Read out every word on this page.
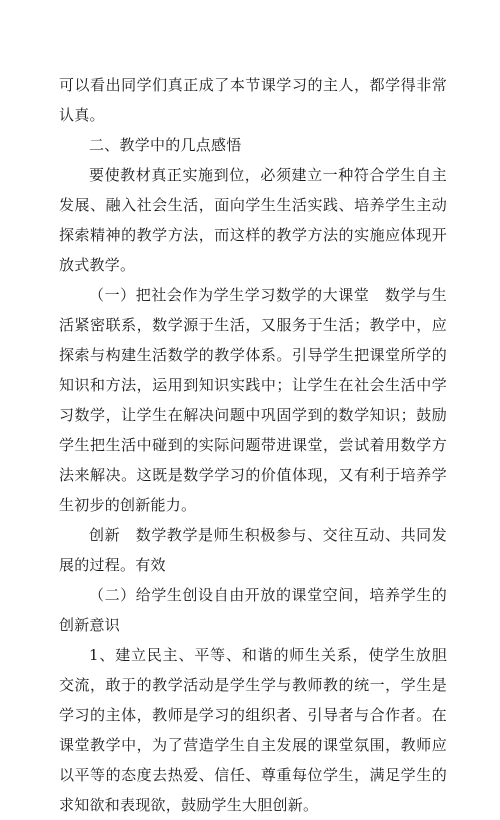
可以看出同学们真正成了本节课学习的主人，都学得非常认真。

二、教学中的几点感悟

要使教材真正实施到位，必须建立一种符合学生自主发展、融入社会生活，面向学生生活实践、培养学生主动探索精神的教学方法，而这样的教学方法的实施应体现开放式教学。

（一）把社会作为学生学习数学的大课堂　数学与生活紧密联系，数学源于生活，又服务于生活；教学中，应探索与构建生活数学的教学体系。引导学生把课堂所学的知识和方法，运用到知识实践中；让学生在社会生活中学习数学，让学生在解决问题中巩固学到的数学知识；鼓励学生把生活中碰到的实际问题带进课堂，尝试着用数学方法来解决。这既是数学学习的价值体现，又有利于培养学生初步的创新能力。

创新　数学教学是师生积极参与、交往互动、共同发展的过程。有效

（二）给学生创设自由开放的课堂空间，培养学生的创新意识

1、建立民主、平等、和谐的师生关系，使学生放胆交流，敢于的教学活动是学生学与教师教的统一，学生是学习的主体，教师是学习的组织者、引导者与合作者。在课堂教学中，为了营造学生自主发展的课堂氛围，教师应以平等的态度去热爱、信任、尊重每位学生，满足学生的求知欲和表现欲，鼓励学生大胆创新。
